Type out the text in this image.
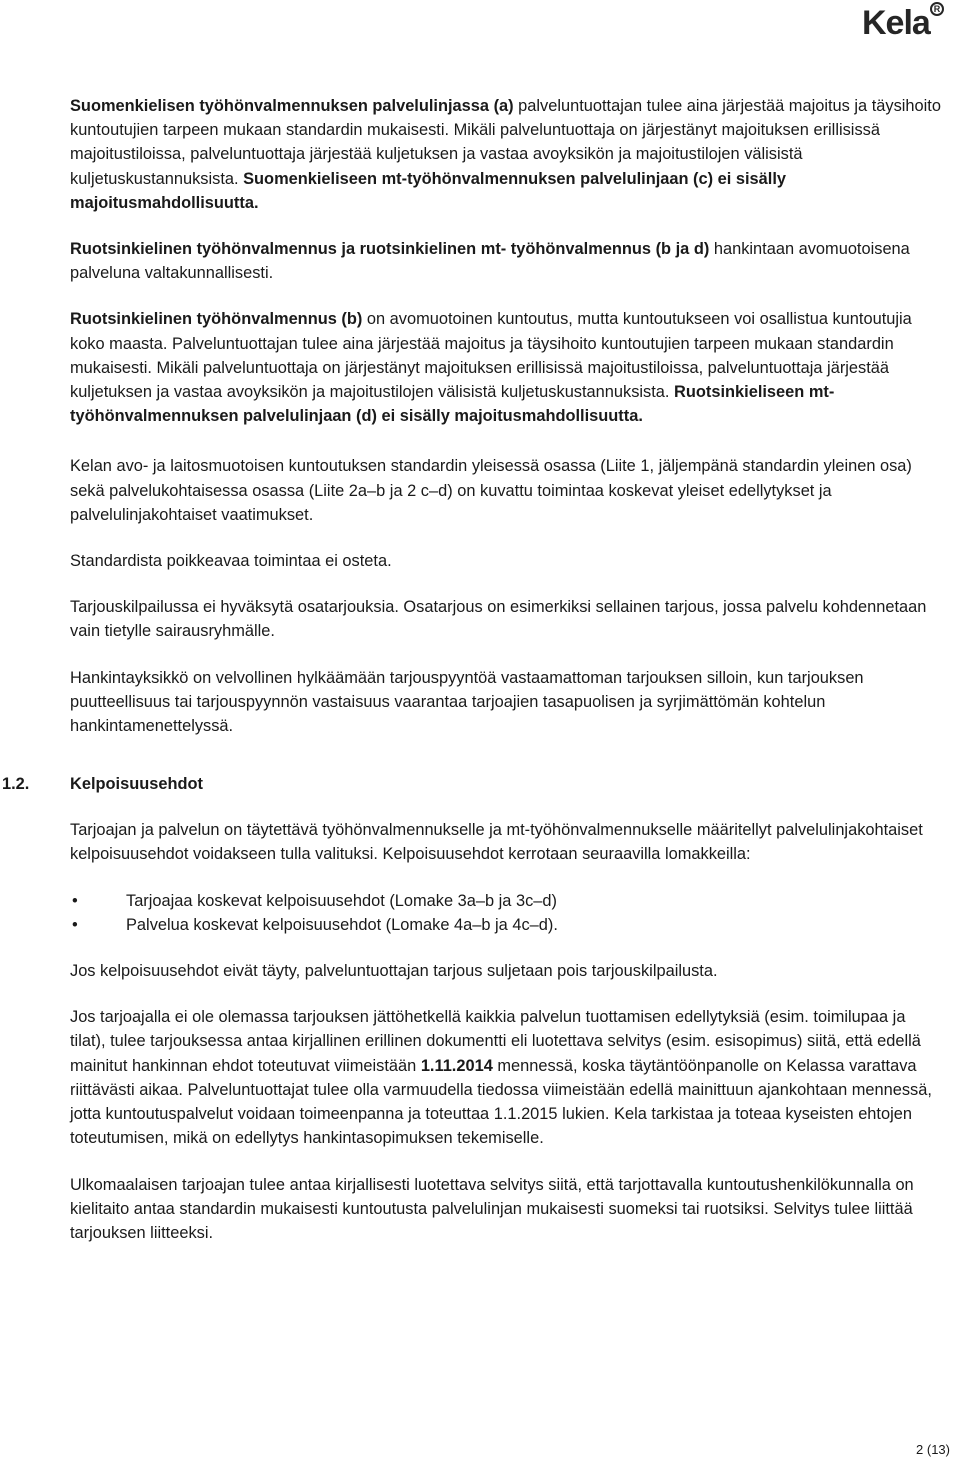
Kela R

Suomenkielisen työhönvalmennuksen palvelulinjassa (a) palveluntuottajan tulee aina järjestää majoitus ja täysihoito kuntoutujien tarpeen mukaan standardin mukaisesti. Mikäli palveluntuottaja on järjestänyt majoituksen erillisissä majoitustiloissa, palveluntuottaja järjestää kuljetuksen ja vastaa avoyksikön ja majoitustilojen välisistä kuljetuskustannuksista. Suomenkieliseen mt-työhönvalmennuksen palvelulinjaan (c) ei sisälly majoitusmahdollisuutta.

Ruotsinkielinen työhönvalmennus ja ruotsinkielinen mt- työhönvalmennus (b ja d) hankintaan avomuotoisena palveluna valtakunnallisesti.

Ruotsinkielinen työhönvalmennus (b) on avomuotoinen kuntoutus, mutta kuntoutukseen voi osallistua kuntoutujia koko maasta. Palveluntuottajan tulee aina järjestää majoitus ja täysihoito kuntoutujien tarpeen mukaan standardin mukaisesti. Mikäli palveluntuottaja on järjestänyt majoituksen erillisissä majoitustiloissa, palveluntuottaja järjestää kuljetuksen ja vastaa avoyksikön ja majoitustilojen välisistä kuljetuskustannuksista. Ruotsinkieliseen mt-työhönvalmennuksen palvelulinjaan (d) ei sisälly majoitusmahdollisuutta.

Kelan avo- ja laitosmuotoisen kuntoutuksen standardin yleisessä osassa (Liite 1, jäljempänä standardin yleinen osa) sekä palvelukohtaisessa osassa (Liite 2a–b ja 2 c–d) on kuvattu toimintaa koskevat yleiset edellytykset ja palvelulinjakohtaiset vaatimukset.

Standardista poikkeavaa toimintaa ei osteta.

Tarjouskilpailussa ei hyväksytä osatarjouksia. Osatarjous on esimerkiksi sellainen tarjous, jossa palvelu kohdennetaan vain tietylle sairausryhmälle.

Hankintayksikkö on velvollinen hylkäämään tarjouspyyntöä vastaamattoman tarjouksen silloin, kun tarjouksen puutteellisuus tai tarjouspyynnön vastaisuus vaarantaa tarjoajien tasapuolisen ja syrjimättömän kohtelun hankintamenettelyssä.

1.2. Kelpoisuusehdot

Tarjoajan ja palvelun on täytettävä työhönvalmennukselle ja mt-työhönvalmennukselle määritellyt palvelulinjakohtaiset kelpoisuusehdot voidakseen tulla valituksi. Kelpoisuusehdot kerrotaan seuraavilla lomakkeilla:

•	Tarjoajaa koskevat kelpoisuusehdot (Lomake 3a–b ja 3c–d)
•	Palvelua koskevat kelpoisuusehdot (Lomake 4a–b ja 4c–d).

Jos kelpoisuusehdot eivät täyty, palveluntuottajan tarjous suljetaan pois tarjouskilpailusta.

Jos tarjoajalla ei ole olemassa tarjouksen jättöhetkellä kaikkia palvelun tuottamisen edellytyksiä (esim. toimilupaa ja tilat), tulee tarjouksessa antaa kirjallinen erillinen dokumentti eli luotettava selvitys (esim. esisopimus) siitä, että edellä mainitut hankinnan ehdot toteutuvat viimeistään 1.11.2014 mennessä, koska täytäntöönpanolle on Kelassa varattava riittävästi aikaa. Palveluntuottajat tulee olla varmuudella tiedossa viimeistään edellä mainittuun ajankohtaan mennessä, jotta kuntoutuspalvelut voidaan toimeenpanna ja toteuttaa 1.1.2015 lukien. Kela tarkistaa ja toteaa kyseisten ehtojen toteutumisen, mikä on edellytys hankintasopimuksen tekemiselle.

Ulkomaalaisen tarjoajan tulee antaa kirjallisesti luotettava selvitys siitä, että tarjottavalla kuntoutushenkilökunnalla on kielitaito antaa standardin mukaisesti kuntoutusta palvelulinjan mukaisesti suomeksi tai ruotsiksi. Selvitys tulee liittää tarjouksen liitteeksi.

2 (13)
